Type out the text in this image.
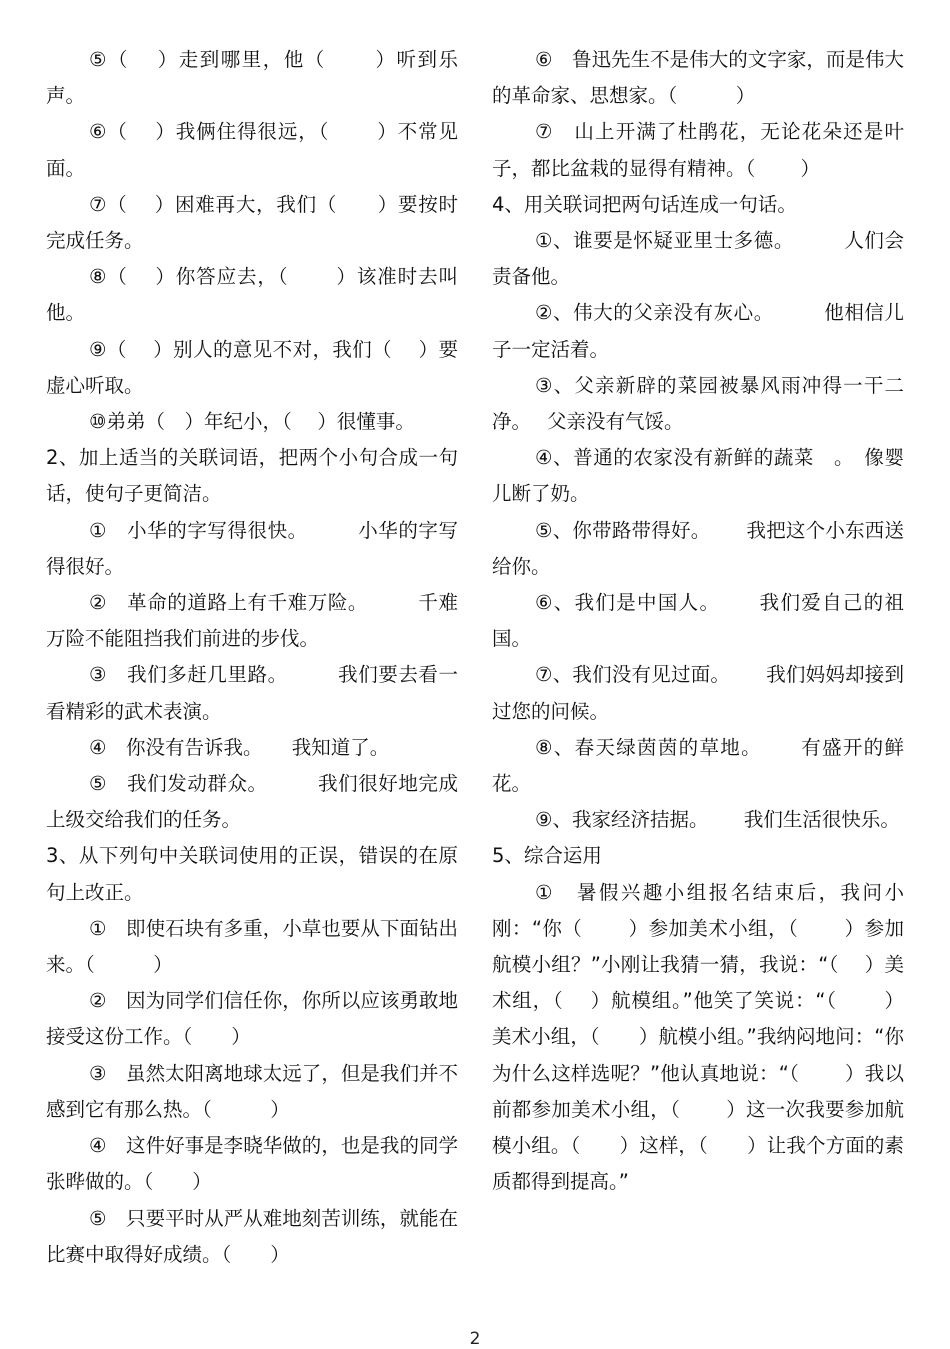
⑤（　 ）走到哪里，他（　　 ）听到乐声。

⑥（　 ）我俩住得很远，（　　 ）不常见面。

⑦（　 ）困难再大，我们（　　）要按时完成任务。

⑧（　 ）你答应去，（　　 ）该准时去叫他。

⑨（　 ）别人的意见不对，我们（　 ）要虚心听取。

⑩弟弟（　）年纪小，（　 ）很懂事。

2、加上适当的关联词语，把两个小句合成一句话，使句子更简洁。

①　小华的字写得很快。　　　小华的字写得很好。

②　革命的道路上有千难万险。　　　千难万险不能阻挡我们前进的步伐。

③　我们多赶几里路。　　　我们要去看一看精彩的武术表演。

④　你没有告诉我。　　我知道了。

⑤　我们发动群众。　　　我们很好地完成上级交给我们的任务。

3、从下列句中关联词使用的正误，错误的在原句上改正。

①　即使石块有多重，小草也要从下面钻出来。（　　　）

②　因为同学们信任你，你所以应该勇敢地接受这份工作。（　　）

③　虽然太阳离地球太远了，但是我们并不感到它有那么热。（　　　）

④　这件好事是李晓华做的，也是我的同学张晔做的。（　　）

⑤　只要平时从严从难地刻苦训练，就能在比赛中取得好成绩。（　　）

⑥　鲁迅先生不是伟大的文字家，而是伟大的革命家、思想家。（　　　）

⑦　山上开满了杜鹃花，无论花朵还是叶子，都比盆栽的显得有精神。（　　 ）

4、用关联词把两句话连成一句话。

①、谁要是怀疑亚里士多德。　　　人们会责备他。

②、伟大的父亲没有灰心。　　　他相信儿子一定活着。

③、父亲新辟的菜园被暴风雨冲得一干二净。　 父亲没有气馁。

④、普通的农家没有新鲜的蔬菜　。　像婴儿断了奶。

⑤、你带路带得好。　　 我把这个小东西送给你。

⑥、我们是中国人。　　 我们爱自己的祖国。

⑦、我们没有见过面。　　 我们妈妈却接到过您的问候。

⑧、春天绿茵茵的草地。　　 有盛开的鲜花。

⑨、我家经济拮据。　　 我们生活很快乐。

5、综合运用

①　暑假兴趣小组报名结束后，我问小刚：“你（　　 ）参加美术小组，（　　 ）参加航模小组？”小刚让我猜一猜，我说：“（　 ）美术组，（　 ）航模组。”他笑了笑说：“（　　 ）美术小组，（　　）航模小组。”我纳闷地问：“你为什么这样选呢？”他认真地说：“（　　 ）我以前都参加美术小组，（　　 ）这一次我要参加航模小组。（　　）这样，（　　）让我个方面的素质都得到提高。”

2
